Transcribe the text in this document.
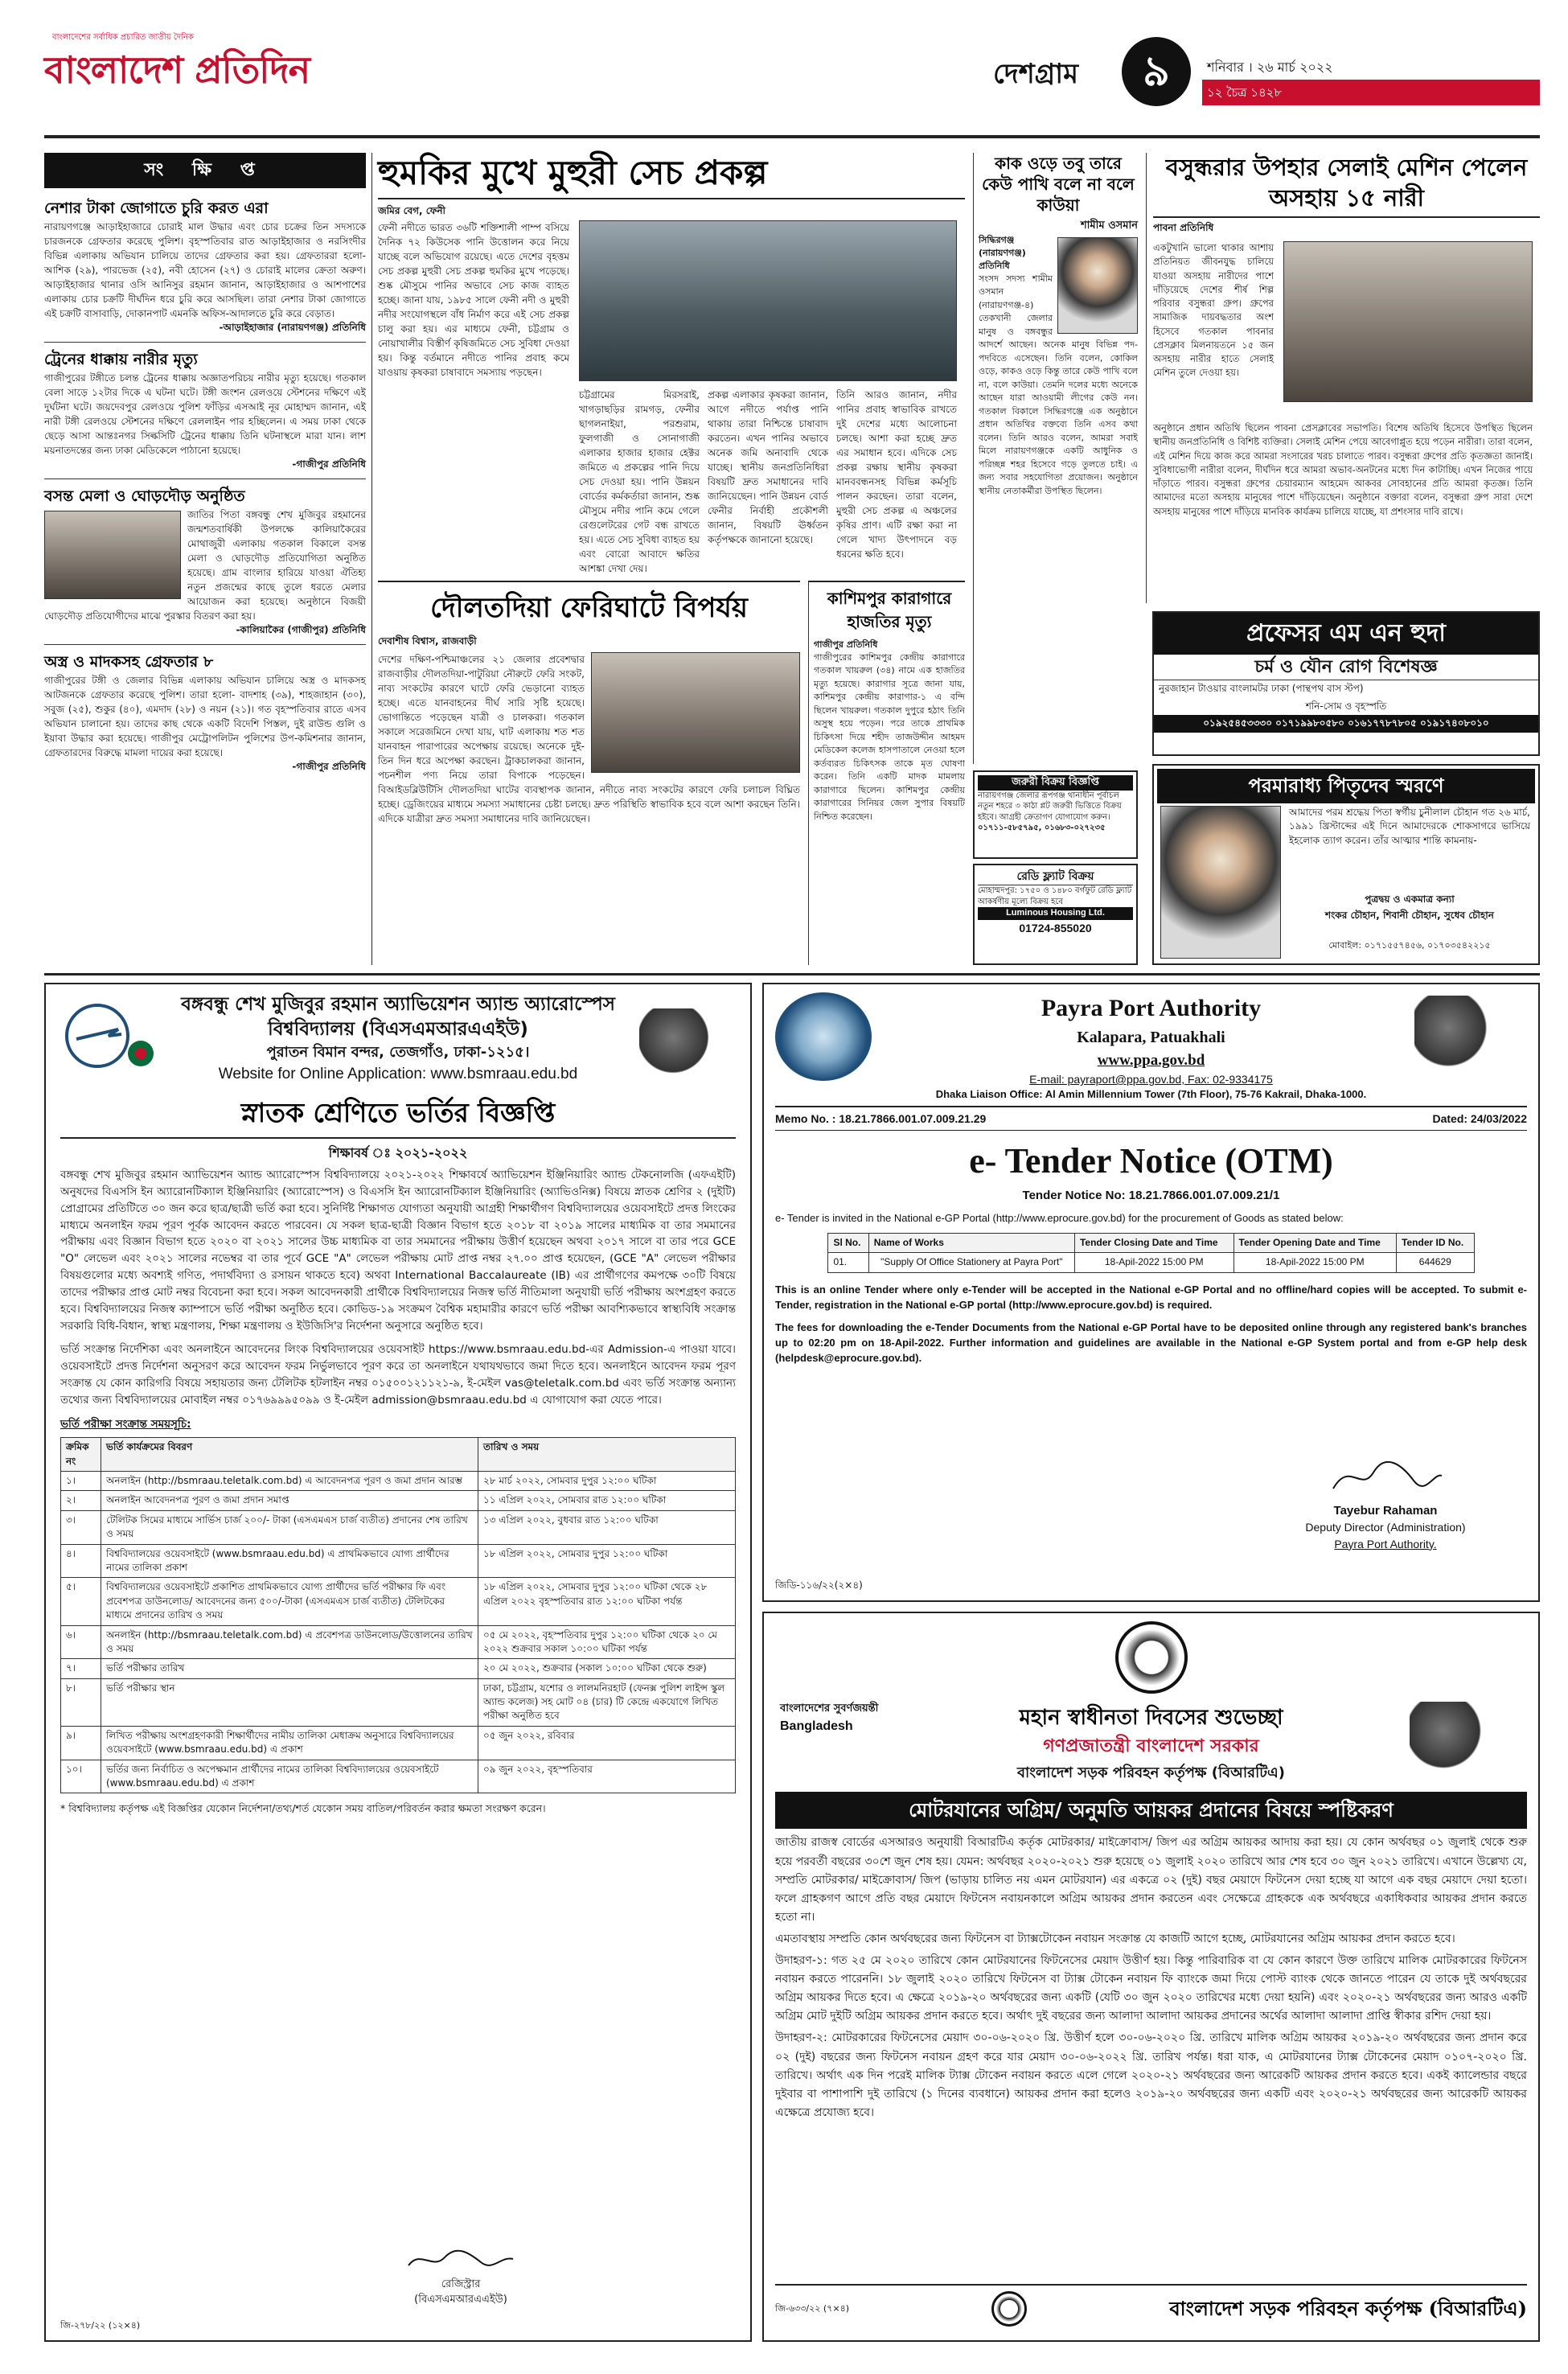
বাংলাদেশের সর্বাধিক প্রচারিত জাতীয় দৈনিক
বাংলাদেশ প্রতিদিন	দেশগ্রাম	৯	শনিবার । ২৬ মার্চ ২০২২
১২ চৈত্র ১৪২৮
সং ক্ষি প্ত
নেশার টাকা জোগাতে চুরি করত এরা
নারায়ণগঞ্জে আড়াইহাজারে চোরাই মাল উদ্ধার এবং চোর চক্রের তিন সদস্যকে চারজনকে গ্রেফতার করেছে পুলিশ। বৃহস্পতিবার রাত আড়াইহাজার ও নরসিংদীর বিভিন্ন এলাকায় অভিযান চালিয়ে তাদের গ্রেফতার করা হয়। গ্রেফতাররা হলো- আশিক (২৯), পারভেজ (২৫), নবী হোসেন (২৭) ও চোরাই মালের ক্রেতা অরুণ। আড়াইহাজার থানার ওসি আনিসুর রহমান জানান, আড়াইহাজার ও আশপাশের এলাকায় চোর চক্রটি দীর্ঘদিন ধরে চুরি করে আসছিল। তারা নেশার টাকা জোগাতে এই চক্রটি বাসাবাড়ি, দোকানপাট এমনকি অফিস-আদালতে চুরি করে বেড়াত।
-আড়াইহাজার (নারায়ণগঞ্জ) প্রতিনিধি
ট্রেনের ধাক্কায় নারীর মৃত্যু
গাজীপুরের টঙ্গীতে চলন্ত ট্রেনের ধাক্কায় অজ্ঞাতপরিচয় নারীর মৃত্যু হয়েছে। গতকাল বেলা সাড়ে ১২টার দিকে এ ঘটনা ঘটে। টঙ্গী জংশন রেলওয়ে স্টেশনের দক্ষিণে এই দুর্ঘটনা ঘটে। জয়দেবপুর রেলওয়ে পুলিশ ফাঁড়ির এসআই নূর মোহাম্মদ জানান, এই নারী টঙ্গী রেলওয়ে স্টেশনের দক্ষিণে রেললাইন পার হচ্ছিলেন। এ সময় ঢাকা থেকে ছেড়ে আসা আন্তঃনগর সিল্কসিটি ট্রেনের ধাক্কায় তিনি ঘটনাস্থলে মারা যান। লাশ ময়নাতদন্তের জন্য ঢাকা মেডিকেলে পাঠানো হয়েছে।
-গাজীপুর প্রতিনিধি
বসন্ত মেলা ও ঘোড়দৌড় অনুষ্ঠিত
জাতির পিতা বঙ্গবন্ধু শেখ মুজিবুর রহমানের জন্মশতবার্ষিকী উপলক্ষে কালিয়াকৈরের মোথাজুরী এলাকায় গতকাল বিকালে বসন্ত মেলা ও ঘোড়দৌড় প্রতিযোগিতা অনুষ্ঠিত হয়েছে। গ্রাম বাংলার হারিয়ে যাওয়া ঐতিহ্য নতুন প্রজন্মের কাছে তুলে ধরতে মেলার আয়োজন করা হয়েছে। অনুষ্ঠানে বিজয়ী ঘোড়দৌড় প্রতিযোগীদের মাঝে পুরস্কার বিতরণ করা হয়।
-কালিয়াকৈর (গাজীপুর) প্রতিনিধি
অস্ত্র ও মাদকসহ গ্রেফতার ৮
গাজীপুরের টঙ্গী ও জেলার বিভিন্ন এলাকায় অভিযান চালিয়ে অস্ত্র ও মাদকসহ আটজনকে গ্রেফতার করেছে পুলিশ। তারা হলো- বাদশাহ (৩৯), শাহজাহান (৩০), সবুজ (২৫), শুকুর (৪০), এমদাদ (২৮) ও নয়ন (২১)। গত বৃহস্পতিবার রাতে এসব অভিযান চালানো হয়। তাদের কাছ থেকে একটি বিদেশি পিস্তল, দুই রাউন্ড গুলি ও ইয়াবা উদ্ধার করা হয়েছে। গাজীপুর মেট্রোপলিটন পুলিশের উপ-কমিশনার জানান, গ্রেফতারদের বিরুদ্ধে মামলা দায়ের করা হয়েছে।
-গাজীপুর প্রতিনিধি
হুমকির মুখে মুহুরী সেচ প্রকল্প
জমির বেগ, ফেনী
ফেনী নদীতে ভারত ৩৬টি শক্তিশালী পাম্প বসিয়ে দৈনিক ৭২ কিউসেক পানি উত্তোলন করে নিয়ে যাচ্ছে বলে অভিযোগ রয়েছে। এতে দেশের বৃহত্তম সেচ প্রকল্প মুহুরী সেচ প্রকল্প হুমকির মুখে পড়েছে। শুষ্ক মৌসুমে পানির অভাবে সেচ কাজ ব্যাহত হচ্ছে। জানা যায়, ১৯৮৫ সালে ফেনী নদী ও মুহুরী নদীর সংযোগস্থলে বাঁধ নির্মাণ করে এই সেচ প্রকল্প চালু করা হয়। এর মাধ্যমে ফেনী, চট্টগ্রাম ও নোয়াখালীর বিস্তীর্ণ কৃষিজমিতে সেচ সুবিধা দেওয়া হয়। কিন্তু বর্তমানে নদীতে পানির প্রবাহ কমে যাওয়ায় কৃষকরা চাষাবাদে সমস্যায় পড়ছেন।
চট্টগ্রামের মিরসরাই, খাগড়াছড়ির রামগড়, ফেনীর ছাগলনাইয়া, পরশুরাম, ফুলগাজী ও সোনাগাজী এলাকার হাজার হাজার হেক্টর জমিতে এ প্রকল্পের পানি দিয়ে সেচ দেওয়া হয়। পানি উন্নয়ন বোর্ডের কর্মকর্তারা জানান, শুষ্ক মৌসুমে নদীর পানি কমে গেলে রেগুলেটরের গেট বন্ধ রাখতে হয়। এতে সেচ সুবিধা ব্যাহত হয় এবং বোরো আবাদে ক্ষতির আশঙ্কা দেখা দেয়।
প্রকল্প এলাকার কৃষকরা জানান, আগে নদীতে পর্যাপ্ত পানি থাকায় তারা নিশ্চিন্তে চাষাবাদ করতেন। এখন পানির অভাবে অনেক জমি অনাবাদি থেকে যাচ্ছে। স্থানীয় জনপ্রতিনিধিরা বিষয়টি দ্রুত সমাধানের দাবি জানিয়েছেন। পানি উন্নয়ন বোর্ড ফেনীর নির্বাহী প্রকৌশলী জানান, বিষয়টি ঊর্ধ্বতন কর্তৃপক্ষকে জানানো হয়েছে।
তিনি আরও জানান, নদীর পানির প্রবাহ স্বাভাবিক রাখতে দুই দেশের মধ্যে আলোচনা চলছে। আশা করা হচ্ছে দ্রুত এর সমাধান হবে। এদিকে সেচ প্রকল্প রক্ষায় স্থানীয় কৃষকরা মানববন্ধনসহ বিভিন্ন কর্মসূচি পালন করছেন। তারা বলেন, মুহুরী সেচ প্রকল্প এ অঞ্চলের কৃষির প্রাণ। এটি রক্ষা করা না গেলে খাদ্য উৎপাদনে বড় ধরনের ক্ষতি হবে।
দৌলতদিয়া ফেরিঘাটে বিপর্যয়
দেবাশীষ বিশ্বাস, রাজবাড়ী
দেশের দক্ষিণ-পশ্চিমাঞ্চলের ২১ জেলার প্রবেশদ্বার রাজবাড়ীর দৌলতদিয়া-পাটুরিয়া নৌরুটে ফেরি সংকট, নাব্য সংকটের কারণে ঘাটে ফেরি ভেড়ানো ব্যাহত হচ্ছে। এতে যানবাহনের দীর্ঘ সারি সৃষ্টি হয়েছে। ভোগান্তিতে পড়েছেন যাত্রী ও চালকরা। গতকাল সকালে সরেজমিনে দেখা যায়, ঘাট এলাকায় শত শত যানবাহন পারাপারের অপেক্ষায় রয়েছে। অনেকে দুই-তিন দিন ধরে অপেক্ষা করছেন। ট্রাকচালকরা জানান, পচনশীল পণ্য নিয়ে তারা বিপাকে পড়েছেন। বিআইডব্লিউটিসি দৌলতদিয়া ঘাটের ব্যবস্থাপক জানান, নদীতে নাব্য সংকটের কারণে ফেরি চলাচল বিঘ্নিত হচ্ছে। ড্রেজিংয়ের মাধ্যমে সমস্যা সমাধানের চেষ্টা চলছে। দ্রুত পরিস্থিতি স্বাভাবিক হবে বলে আশা করছেন তিনি। এদিকে যাত্রীরা দ্রুত সমস্যা সমাধানের দাবি জানিয়েছেন।
কাশিমপুর কারাগারে হাজতির মৃত্যু
গাজীপুর প্রতিনিধি
গাজীপুরের কাশিমপুর কেন্দ্রীয় কারাগারে গতকাল খায়রুল (৩৪) নামে এক হাজতির মৃত্যু হয়েছে। কারাগার সূত্রে জানা যায়, কাশিমপুর কেন্দ্রীয় কারাগার-১ এ বন্দি ছিলেন খায়রুল। গতকাল দুপুরে হঠাৎ তিনি অসুস্থ হয়ে পড়েন। পরে তাকে প্রাথমিক চিকিৎসা দিয়ে শহীদ তাজউদ্দীন আহমদ মেডিকেল কলেজ হাসপাতালে নেওয়া হলে কর্তব্যরত চিকিৎসক তাকে মৃত ঘোষণা করেন। তিনি একটি মাদক মামলায় কারাগারে ছিলেন। কাশিমপুর কেন্দ্রীয় কারাগারের সিনিয়র জেল সুপার বিষয়টি নিশ্চিত করেছেন।
কাক ওড়ে তবু তারে কেউ পাখি বলে না বলে কাউয়া
শামীম ওসমান
সিদ্ধিরগঞ্জ (নারায়ণগঞ্জ) প্রতিনিধি
সংসদ সদস্য শামীম ওসমান (নারায়ণগঞ্জ-৪) তেকখানী জেলার মানুষ ও বঙ্গবন্ধুর আদর্শে আছেন। অনেক মানুষ বিভিন্ন পদ-পদবিতে এসেছেন। তিনি বলেন, কোকিল ওড়ে, কাকও ওড়ে কিন্তু তারে কেউ পাখি বলে না, বলে কাউয়া। তেমনি দলের মধ্যে অনেকে আছেন যারা আওয়ামী লীগের কেউ নন। গতকাল বিকালে সিদ্ধিরগঞ্জে এক অনুষ্ঠানে প্রধান অতিথির বক্তব্যে তিনি এসব কথা বলেন। তিনি আরও বলেন, আমরা সবাই মিলে নারায়ণগঞ্জকে একটি আধুনিক ও পরিচ্ছন্ন শহর হিসেবে গড়ে তুলতে চাই। এ জন্য সবার সহযোগিতা প্রয়োজন। অনুষ্ঠানে স্থানীয় নেতাকর্মীরা উপস্থিত ছিলেন।
জরুরী বিক্রয় বিজ্ঞপ্তি
নারায়ণগঞ্জ জেলার রূপগঞ্জ থানাধীন পূর্বাচল নতুন শহরে ৩ কাঠা প্লট জরুরী ভিত্তিতে বিক্রয় হইবে। আগ্রহী ক্রেতাগণ যোগাযোগ করুন।
০১৭১১-৫৮৫৭৯৫, ০১৬৮৩-০২৭২৩৫
রেডি ফ্ল্যাট বিক্রয়
মোহাম্মদপুর: ১৭৫০ ও ১৪৮০ বর্গফুট রেডি ফ্ল্যাট আকর্ষণীয় মূল্যে বিক্রয় হবে
Luminous Housing Ltd.
01724-855020
বসুন্ধরার উপহার সেলাই মেশিন পেলেন অসহায় ১৫ নারী
পাবনা প্রতিনিধি
একটুখানি ভালো থাকার আশায় প্রতিনিয়ত জীবনযুদ্ধ চালিয়ে যাওয়া অসহায় নারীদের পাশে দাঁড়িয়েছে দেশের শীর্ষ শিল্প পরিবার বসুন্ধরা গ্রুপ। গ্রুপের সামাজিক দায়বদ্ধতার অংশ হিসেবে গতকাল পাবনার প্রেসক্লাব মিলনায়তনে ১৫ জন অসহায় নারীর হাতে সেলাই মেশিন তুলে দেওয়া হয়।
অনুষ্ঠানে প্রধান অতিথি ছিলেন পাবনা প্রেসক্লাবের সভাপতি। বিশেষ অতিথি হিসেবে উপস্থিত ছিলেন স্থানীয় জনপ্রতিনিধি ও বিশিষ্ট ব্যক্তিরা। সেলাই মেশিন পেয়ে আবেগাপ্লুত হয়ে পড়েন নারীরা। তারা বলেন, এই মেশিন দিয়ে কাজ করে আমরা সংসারের খরচ চালাতে পারব। বসুন্ধরা গ্রুপের প্রতি কৃতজ্ঞতা জানাই। সুবিধাভোগী নারীরা বলেন, দীর্ঘদিন ধরে আমরা অভাব-অনটনের মধ্যে দিন কাটাচ্ছি। এখন নিজের পায়ে দাঁড়াতে পারব। বসুন্ধরা গ্রুপের চেয়ারম্যান আহমেদ আকবর সোবহানের প্রতি আমরা কৃতজ্ঞ। তিনি আমাদের মতো অসহায় মানুষের পাশে দাঁড়িয়েছেন। অনুষ্ঠানে বক্তারা বলেন, বসুন্ধরা গ্রুপ সারা দেশে অসহায় মানুষের পাশে দাঁড়িয়ে মানবিক কার্যক্রম চালিয়ে যাচ্ছে, যা প্রশংসার দাবি রাখে।
প্রফেসর এম এন হুদা
চর্ম ও যৌন রোগ বিশেষজ্ঞ
নুরজাহান টাওয়ার বাংলামটর ঢাকা (পান্থপথ বাস স্টপ)
শনি-সোম ও বৃহস্পতি
০১৯২৫৪৫৩৩৩০ ০১৭১৯৯৮০৫৮০ ০১৬১৭৭৮৭৮০৫ ০১৯১৭৪০৮০১০
পরমারাধ্য পিতৃদেব স্মরণে
আমাদের পরম শ্রদ্ধেয় পিতা স্বর্গীয় চুনীলাল চৌহান গত ২৬ মার্চ, ১৯৯১ খ্রিস্টাব্দের এই দিনে আমাদেরকে শোকসাগরে ভাসিয়ে ইহলোক ত্যাগ করেন। তাঁর আত্মার শান্তি কামনায়-
পুত্রদ্বয় ও একমাত্র কন্যা
শংকর চৌহান, শিবানী চৌহান, সুধেব চৌহান
মোবাইল: ০১৭১৫৫৭৪৫৬, ০১৭০৩৫৪২২১৫
বঙ্গবন্ধু শেখ মুজিবুর রহমান অ্যাভিয়েশন অ্যান্ড অ্যারোস্পেস বিশ্ববিদ্যালয় (বিএসএমআরএএইউ)
পুরাতন বিমান বন্দর, তেজগাঁও, ঢাকা-১২১৫।
Website for Online Application: www.bsmraau.edu.bd
স্নাতক শ্রেণিতে ভর্তির বিজ্ঞপ্তি
শিক্ষাবর্ষ ঃ ২০২১-২০২২
বঙ্গবন্ধু শেখ মুজিবুর রহমান অ্যাভিয়েশন অ্যান্ড অ্যারোস্পেস বিশ্ববিদ্যালয়ে ২০২১-২০২২ শিক্ষাবর্ষে অ্যাভিয়েশন ইঞ্জিনিয়ারিং অ্যান্ড টেকনোলজি (এফএইটি) অনুষদের বিএসসি ইন অ্যারোনটিক্যাল ইঞ্জিনিয়ারিং (অ্যারোস্পেস) ও বিএসসি ইন অ্যারোনটিক্যাল ইঞ্জিনিয়ারিং (অ্যাভিওনিক্স) বিষয়ে স্নাতক শ্রেণির ২ (দুইটি) প্রোগ্রামের প্রতিটিতে ৩০ জন করে ছাত্র/ছাত্রী ভর্তি করা হবে। সুনির্দিষ্ট শিক্ষাগত যোগ্যতা অনুযায়ী আগ্রহী শিক্ষার্থীগণ বিশ্ববিদ্যালয়ের ওয়েবসাইটে প্রদত্ত লিংকের মাধ্যমে অনলাইন ফরম পূরণ পূর্বক আবেদন করতে পারবেন। যে সকল ছাত্র-ছাত্রী বিজ্ঞান বিভাগ হতে ২০১৮ বা ২০১৯ সালের মাধ্যমিক বা তার সমমানের পরীক্ষায় এবং বিজ্ঞান বিভাগ হতে ২০২০ বা ২০২১ সালের উচ্চ মাধ্যমিক বা তার সমমানের পরীক্ষায় উত্তীর্ণ হয়েছেন অথবা ২০১৭ সালে বা তার পরে GCE "O" লেভেল এবং ২০২১ সালের নভেম্বর বা তার পূর্বে GCE "A" লেভেল পরীক্ষায় মোট প্রাপ্ত নম্বর ২৭.০০ প্রাপ্ত হয়েছেন, (GCE "A" লেভেল পরীক্ষার বিষয়গুলোর মধ্যে অবশ্যই গণিত, পদার্থবিদ্যা ও রসায়ন থাকতে হবে) অথবা International Baccalaureate (IB) এর প্রার্থীগণের কমপক্ষে ৩০টি বিষয়ে তাদের পরীক্ষার প্রাপ্ত মোট নম্বর বিবেচনা করা হবে। সকল আবেদনকারী প্রার্থীকে বিশ্ববিদ্যালয়ের নিজস্ব ভর্তি নীতিমালা অনুযায়ী ভর্তি পরীক্ষায় অংশগ্রহণ করতে হবে। বিশ্ববিদ্যালয়ের নিজস্ব ক্যাম্পাসে ভর্তি পরীক্ষা অনুষ্ঠিত হবে। কোভিড-১৯ সংক্রমণ বৈশ্বিক মহামারীর কারণে ভর্তি পরীক্ষা আবশ্যিকভাবে স্বাস্থ্যবিধি সংক্রান্ত সরকারি বিধি-বিধান, স্বাস্থ্য মন্ত্রণালয়, শিক্ষা মন্ত্রণালয় ও ইউজিসি'র নির্দেশনা অনুসারে অনুষ্ঠিত হবে।
ভর্তি সংক্রান্ত নির্দেশিকা এবং অনলাইনে আবেদনের লিংক বিশ্ববিদ্যালয়ের ওয়েবসাইট https://www.bsmraau.edu.bd-এর Admission-এ পাওয়া যাবে। ওয়েবসাইটে প্রদত্ত নির্দেশনা অনুসরণ করে আবেদন ফরম নির্ভুলভাবে পূরণ করে তা অনলাইনে যথাযথভাবে জমা দিতে হবে। অনলাইনে আবেদন ফরম পূরণ সংক্রান্ত যে কোন কারিগরি বিষয়ে সহায়তার জন্য টেলিটক হটলাইন নম্বর ০১৫০০১২১১২১-৯, ই-মেইল vas@teletalk.com.bd এবং ভর্তি সংক্রান্ত অন্যান্য তথ্যের জন্য বিশ্ববিদ্যালয়ের মোবাইল নম্বর ০১৭৬৯৯৯৫০৯৯ ও ই-মেইল admission@bsmraau.edu.bd এ যোগাযোগ করা যেতে পারে।
ভর্তি পরীক্ষা সংক্রান্ত সময়সূচি:
ক্রমিক নং	ভর্তি কার্যক্রমের বিবরণ	তারিখ ও সময়
১।	অনলাইন (http://bsmraau.teletalk.com.bd) এ আবেদনপত্র পূরণ ও জমা প্রদান আরম্ভ	২৮ মার্চ ২০২২, সোমবার দুপুর ১২:০০ ঘটিকা
২।	অনলাইন আবেদনপত্র পূরণ ও জমা প্রদান সমাপ্ত	১১ এপ্রিল ২০২২, সোমবার রাত ১২:০০ ঘটিকা
৩।	টেলিটক সিমের মাধ্যমে সার্ভিস চার্জ ২০০/- টাকা (এসএমএস চার্জ ব্যতীত) প্রদানের শেষ তারিখ ও সময়	১৩ এপ্রিল ২০২২, বুধবার রাত ১২:০০ ঘটিকা
৪।	বিশ্ববিদ্যালয়ের ওয়েবসাইটে (www.bsmraau.edu.bd) এ প্রাথমিকভাবে যোগ্য প্রার্থীদের নামের তালিকা প্রকাশ	১৮ এপ্রিল ২০২২, সোমবার দুপুর ১২:০০ ঘটিকা
৫।	বিশ্ববিদ্যালয়ের ওয়েবসাইটে প্রকাশিত প্রাথমিকভাবে যোগ্য প্রার্থীদের ভর্তি পরীক্ষার ফি এবং প্রবেশপত্র ডাউনলোড/ আবেদনের জন্য ৫০০/-টাকা (এসএমএস চার্জ ব্যতীত) টেলিটকের মাধ্যমে প্রদানের তারিখ ও সময়	১৮ এপ্রিল ২০২২, সোমবার দুপুর ১২:০০ ঘটিকা থেকে ২৮ এপ্রিল ২০২২ বৃহস্পতিবার রাত ১২:০০ ঘটিকা পর্যন্ত
৬।	অনলাইন (http://bsmraau.teletalk.com.bd) এ প্রবেশপত্র ডাউনলোড/উত্তোলনের তারিখ ও সময়	০৫ মে ২০২২, বৃহস্পতিবার দুপুর ১২:০০ ঘটিকা থেকে ২০ মে ২০২২ শুক্রবার সকাল ১০:০০ ঘটিকা পর্যন্ত
৭।	ভর্তি পরীক্ষার তারিখ	২০ মে ২০২২, শুক্রবার (সকাল ১০:০০ ঘটিকা থেকে শুরু)
৮।	ভর্তি পরীক্ষার স্থান	ঢাকা, চট্টগ্রাম, যশোর ও লালমনিরহাট (ফেনক্স পুলিশ লাইন্স স্কুল অ্যান্ড কলেজ) সহ মোট ০৪ (চার) টি কেন্দ্রে একযোগে লিখিত পরীক্ষা অনুষ্ঠিত হবে
৯।	লিখিত পরীক্ষায় অংশগ্রহণকারী শিক্ষার্থীদের নামীয় তালিকা মেধাক্রম অনুসারে বিশ্ববিদ্যালয়ের ওয়েবসাইটে (www.bsmraau.edu.bd) এ প্রকাশ	০৫ জুন ২০২২, রবিবার
১০।	ভর্তির জন্য নির্বাচিত ও অপেক্ষমান প্রার্থীদের নামের তালিকা বিশ্ববিদ্যালয়ের ওয়েবসাইটে (www.bsmraau.edu.bd) এ প্রকাশ	০৯ জুন ২০২২, বৃহস্পতিবার
* বিশ্ববিদ্যালয় কর্তৃপক্ষ এই বিজ্ঞপ্তির যেকোন নির্দেশনা/তথ্য/শর্ত যেকোন সময় বাতিল/পরিবর্তন করার ক্ষমতা সংরক্ষণ করেন।
রেজিস্ট্রার
(বিএসএমআরএএইউ)
জি-২৭৮/২২ (১২×৪)
Payra Port Authority
Kalapara, Patuakhali
www.ppa.gov.bd
E-mail: payraport@ppa.gov.bd, Fax: 02-9334175
Dhaka Liaison Office: Al Amin Millennium Tower (7th Floor), 75-76 Kakrail, Dhaka-1000.
Memo No. : 18.21.7866.001.07.009.21.29	Dated: 24/03/2022
e- Tender Notice (OTM)
Tender Notice No: 18.21.7866.001.07.009.21/1
e- Tender is invited in the National e-GP Portal (http://www.eprocure.gov.bd) for the procurement of Goods as stated below:
Sl No.	Name of Works	Tender Closing Date and Time	Tender Opening Date and Time	Tender ID No.
01.	"Supply Of Office Stationery at Payra Port"	18-Apil-2022 15:00 PM	18-Apil-2022 15:00 PM	644629
This is an online Tender where only e-Tender will be accepted in the National e-GP Portal and no offline/hard copies will be accepted. To submit e-Tender, registration in the National e-GP portal (http://www.eprocure.gov.bd) is required.
The fees for downloading the e-Tender Documents from the National e-GP Portal have to be deposited online through any registered bank's branches up to 02:20 pm on 18-Apil-2022. Further information and guidelines are available in the National e-GP System portal and from e-GP help desk (helpdesk@eprocure.gov.bd).
Tayebur Rahaman
Deputy Director (Administration)
Payra Port Authority.
জিডি-১১৬/২২(২×৪)
বাংলাদেশের সুবর্ণজয়ন্তী
Bangladesh	মহান স্বাধীনতা দিবসের শুভেচ্ছা
গণপ্রজাতন্ত্রী বাংলাদেশ সরকার
বাংলাদেশ সড়ক পরিবহন কর্তৃপক্ষ (বিআরটিএ)
মোটরযানের অগ্রিম/ অনুমতি আয়কর প্রদানের বিষয়ে স্পষ্টিকরণ
জাতীয় রাজস্ব বোর্ডের এসআরও অনুযায়ী বিআরটিএ কর্তৃক মোটরকার/ মাইক্রোবাস/ জিপ এর অগ্রিম আয়কর আদায় করা হয়। যে কোন অর্থবছর ০১ জুলাই থেকে শুরু হয়ে পরবর্তী বছরের ৩০শে জুন শেষ হয়। যেমন: অর্থবছর ২০২০-২০২১ শুরু হয়েছে ০১ জুলাই ২০২০ তারিখে আর শেষ হবে ৩০ জুন ২০২১ তারিখে। এখানে উল্লেখ্য যে, সম্প্রতি মোটরকার/ মাইক্রোবাস/ জিপ (ভাড়ায় চালিত নয় এমন মোটরযান) এর একত্রে ০২ (দুই) বছর মেয়াদে ফিটনেস দেয়া হচ্ছে যা আগে এক বছর মেয়াদে দেয়া হতো। ফলে গ্রাহকগণ আগে প্রতি বছর মেয়াদে ফিটনেস নবায়নকালে অগ্রিম আয়কর প্রদান করতেন এবং সেক্ষেত্রে গ্রাহককে এক অর্থবছরে একাধিকবার আয়কর প্রদান করতে হতো না।
এমতাবস্থায় সম্প্রতি কোন অর্থবছরের জন্য ফিটনেস বা ট্যাক্সটোকেন নবায়ন সংক্রান্ত যে কাজটি আগে হচ্ছে, মোটরযানের অগ্রিম আয়কর প্রদান করতে হবে।
উদাহরণ-১: গত ২৫ মে ২০২০ তারিখে কোন মোটরযানের ফিটনেসের মেয়াদ উত্তীর্ণ হয়। কিন্তু পারিবারিক বা যে কোন কারণে উক্ত তারিখে মালিক মোটরকারের ফিটনেস নবায়ন করতে পারেননি। ১৮ জুলাই ২০২০ তারিখে ফিটনেস বা ট্যাক্স টোকেন নবায়ন ফি ব্যাংকে জমা দিয়ে পোস্ট ব্যাংক থেকে জানতে পারেন যে তাকে দুই অর্থবছরের অগ্রিম আয়কর দিতে হবে। এ ক্ষেত্রে ২০১৯-২০ অর্থবছরের জন্য একটি (যেটি ৩০ জুন ২০২০ তারিখের মধ্যে দেয়া হয়নি) এবং ২০২০-২১ অর্থবছরের জন্য আরও একটি অগ্রিম মোট দুইটি অগ্রিম আয়কর প্রদান করতে হবে। অর্থাৎ দুই বছরের জন্য আলাদা আলাদা আয়কর প্রদানের অর্থের আলাদা আলাদা প্রাপ্তি স্বীকার রশিদ দেয়া হয়।
উদাহরণ-২: মোটরকারের ফিটনেসের মেয়াদ ৩০-০৬-২০২০ খ্রি. উত্তীর্ণ হলে ৩০-০৬-২০২০ খ্রি. তারিখে মালিক অগ্রিম আয়কর ২০১৯-২০ অর্থবছরের জন্য প্রদান করে ০২ (দুই) বছরের জন্য ফিটনেস নবায়ন গ্রহণ করে যার মেয়াদ ৩০-০৬-২০২২ খ্রি. তারিখ পর্যন্ত। ধরা যাক, এ মোটরযানের ট্যাক্স টোকেনের মেয়াদ ০১০৭-২০২০ খ্রি. তারিখে। অর্থাৎ এক দিন পরেই মালিক ট্যাক্স টোকেন নবায়ন করতে এলে গেলে ২০২০-২১ অর্থবছরের জন্য আরেকটি আয়কর প্রদান করতে হবে। একই ক্যালেন্ডার বছরে দুইবার বা পাশাপাশি দুই তারিখে (১ দিনের ব্যবধানে) আয়কর প্রদান করা হলেও ২০১৯-২০ অর্থবছরের জন্য একটি এবং ২০২০-২১ অর্থবছরের জন্য আরেকটি আয়কর এক্ষেত্রে প্রযোজ্য হবে।
জি-৬৩৩/২২ (৭×৪)	বাংলাদেশ সড়ক পরিবহন কর্তৃপক্ষ (বিআরটিএ)
